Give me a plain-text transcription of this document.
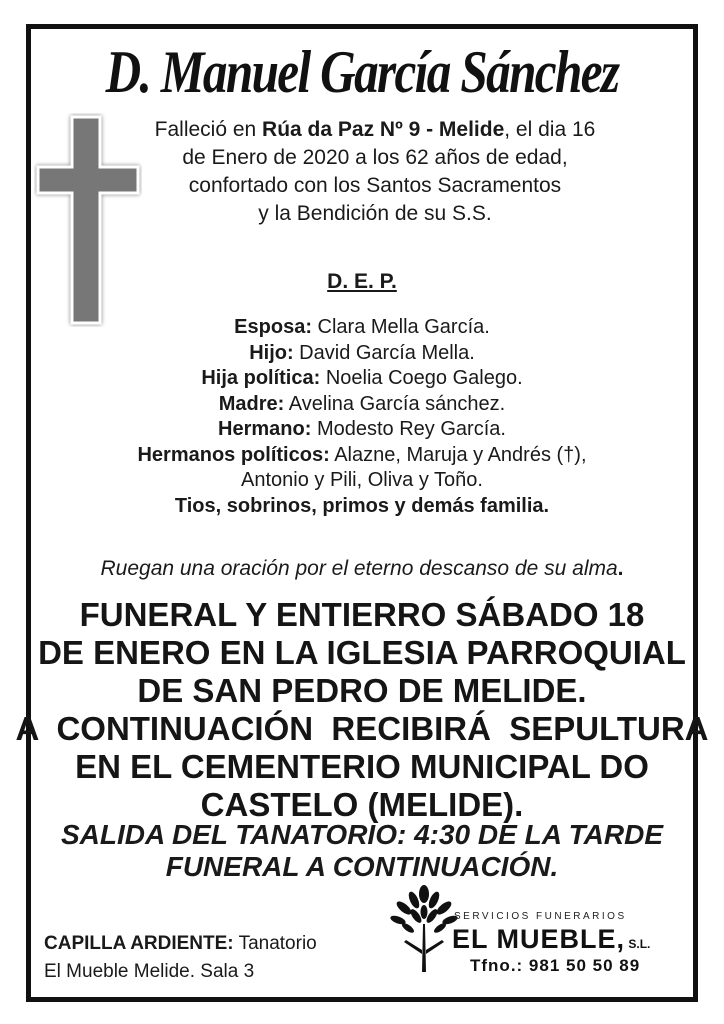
D. Manuel García Sánchez
Falleció en Rúa da Paz Nº 9 - Melide, el dia 16
de Enero de 2020 a los 62 años de edad,
confortado con los Santos Sacramentos
y la Bendición de su S.S.
D. E. P.
Esposa: Clara Mella García.
Hijo: David García Mella.
Hija política: Noelia Coego Galego.
Madre: Avelina García sánchez.
Hermano: Modesto Rey García.
Hermanos políticos: Alazne, Maruja y Andrés (†),
Antonio y Pili, Oliva y Toño.
Tios, sobrinos, primos y demás familia.
Ruegan una oración por el eterno descanso de su alma.
FUNERAL Y ENTIERRO SÁBADO 18
DE ENERO EN LA IGLESIA PARROQUIAL
DE SAN PEDRO DE MELIDE.
A  CONTINUACIÓN  RECIBIRÁ  SEPULTURA
EN EL CEMENTERIO MUNICIPAL DO
CASTELO (MELIDE).
SALIDA DEL TANATORIO: 4:30 DE LA TARDE
FUNERAL A CONTINUACIÓN.
CAPILLA ARDIENTE: Tanatorio
El Mueble Melide. Sala 3
SERVICIOS FUNERARIOS
EL MUEBLE, S.L.
Tfno.: 981 50 50 89
